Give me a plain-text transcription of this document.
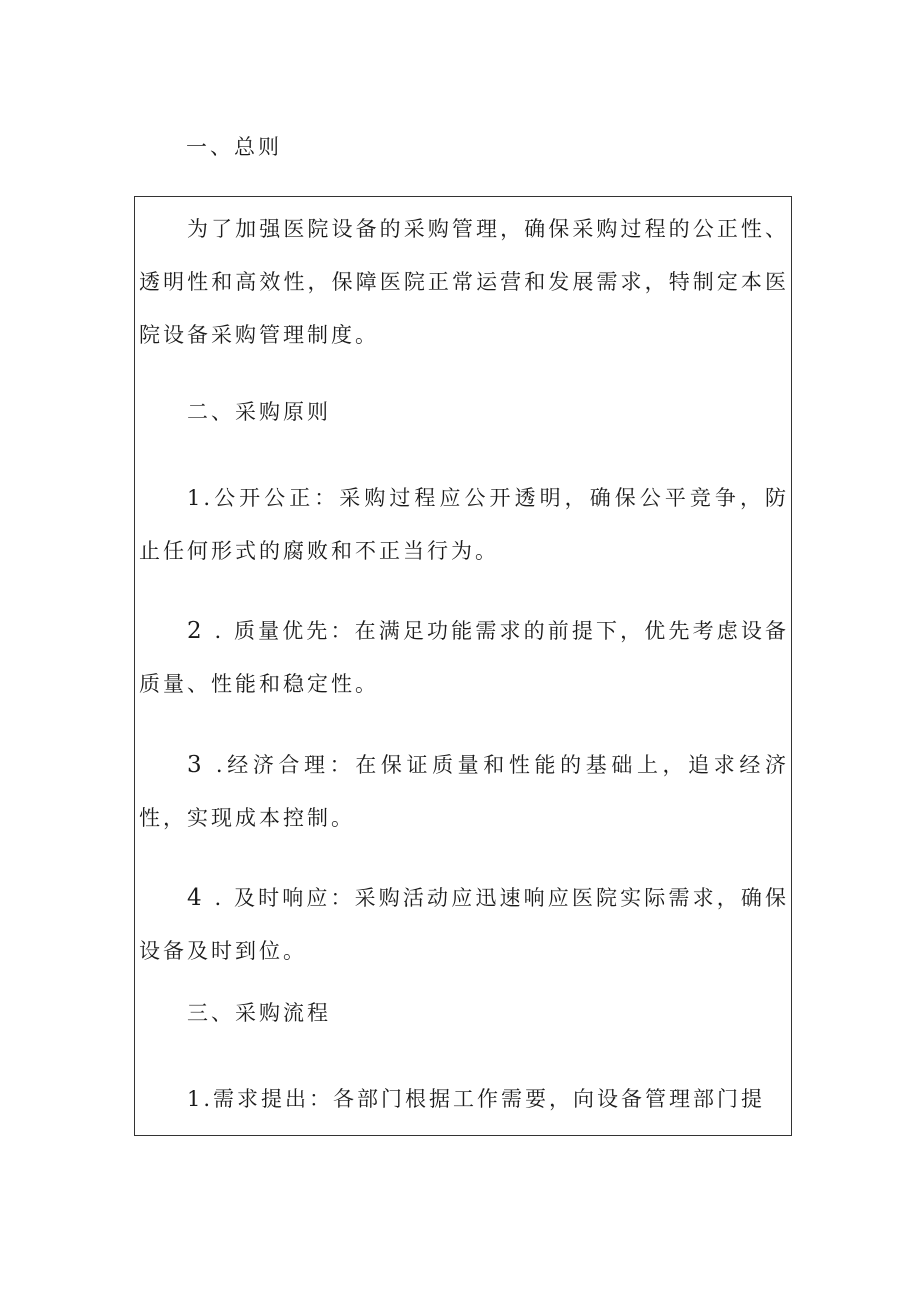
一、总则

为了加强医院设备的采购管理，确保采购过程的公正性、透明性和高效性，保障医院正常运营和发展需求，特制定本医院设备采购管理制度。

二、采购原则

1.公开公正：采购过程应公开透明，确保公平竞争，防止任何形式的腐败和不正当行为。

2 . 质量优先：在满足功能需求的前提下，优先考虑设备质量、性能和稳定性。

3 .经济合理：在保证质量和性能的基础上，追求经济性，实现成本控制。

4 . 及时响应：采购活动应迅速响应医院实际需求，确保设备及时到位。

三、采购流程

1.需求提出：各部门根据工作需要，向设备管理部门提
